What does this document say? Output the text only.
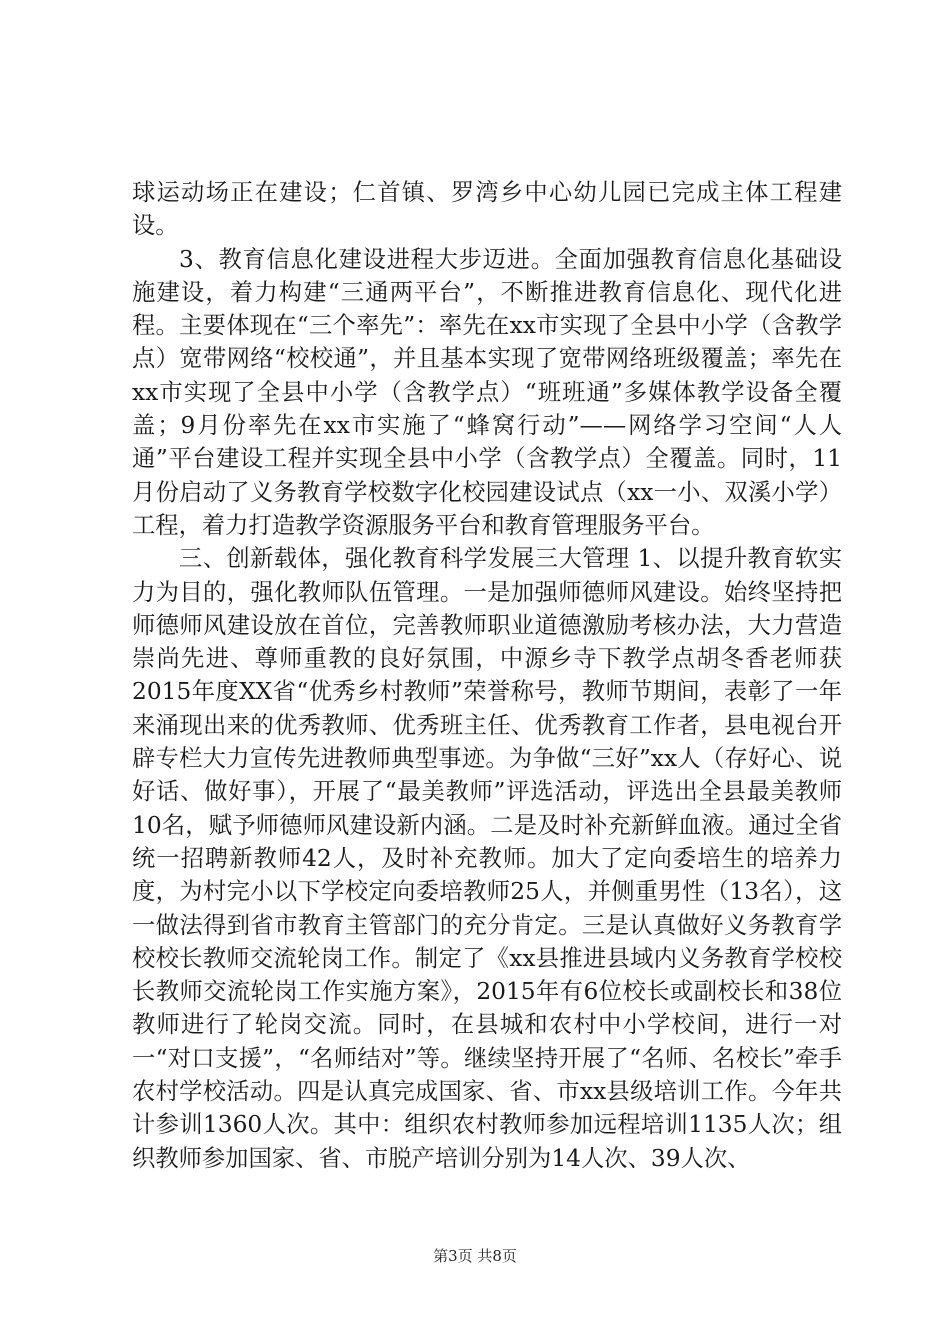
球运动场正在建设；仁首镇、罗湾乡中心幼儿园已完成主体工程建设。

3、教育信息化建设进程大步迈进。全面加强教育信息化基础设施建设，着力构建“三通两平台”，不断推进教育信息化、现代化进程。主要体现在“三个率先”：率先在xx市实现了全县中小学（含教学点）宽带网络“校校通”，并且基本实现了宽带网络班级覆盖；率先在xx市实现了全县中小学（含教学点）“班班通”多媒体教学设备全覆盖；9月份率先在xx市实施了“蜂窝行动”——网络学习空间“人人通”平台建设工程并实现全县中小学（含教学点）全覆盖。同时，11月份启动了义务教育学校数字化校园建设试点（xx一小、双溪小学）工程，着力打造教学资源服务平台和教育管理服务平台。

三、创新载体，强化教育科学发展三大管理 1、以提升教育软实力为目的，强化教师队伍管理。一是加强师德师风建设。始终坚持把师德师风建设放在首位，完善教师职业道德激励考核办法，大力营造崇尚先进、尊师重教的良好氛围，中源乡寺下教学点胡冬香老师获2015年度XX省“优秀乡村教师”荣誉称号，教师节期间，表彰了一年来涌现出来的优秀教师、优秀班主任、优秀教育工作者，县电视台开辟专栏大力宣传先进教师典型事迹。为争做“三好”xx人（存好心、说好话、做好事），开展了“最美教师”评选活动，评选出全县最美教师10名，赋予师德师风建设新内涵。二是及时补充新鲜血液。通过全省统一招聘新教师42人，及时补充教师。加大了定向委培生的培养力度，为村完小以下学校定向委培教师25人，并侧重男性（13名），这一做法得到省市教育主管部门的充分肯定。三是认真做好义务教育学校校长教师交流轮岗工作。制定了《xx县推进县域内义务教育学校校长教师交流轮岗工作实施方案》，2015年有6位校长或副校长和38位教师进行了轮岗交流。同时，在县城和农村中小学校间，进行一对一“对口支援”，“名师结对”等。继续坚持开展了“名师、名校长”牵手农村学校活动。四是认真完成国家、省、市xx县级培训工作。今年共计参训1360人次。其中：组织农村教师参加远程培训1135人次；组织教师参加国家、省、市脱产培训分别为14人次、39人次、

第3页 共8页
